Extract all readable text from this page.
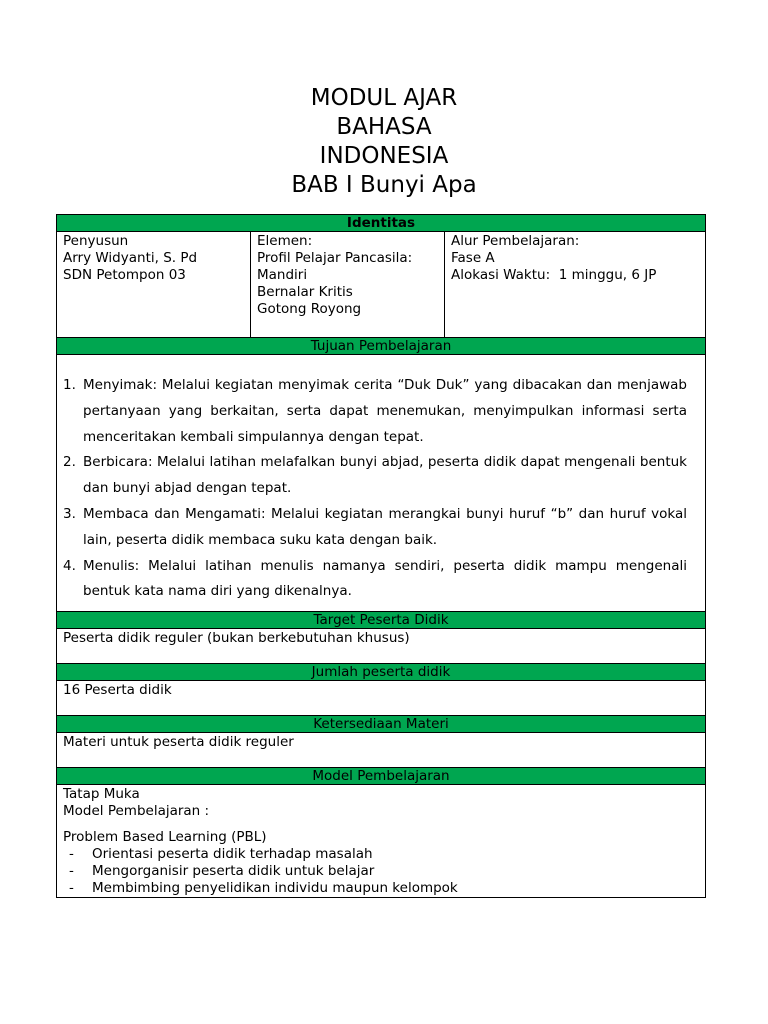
MODUL AJAR
BAHASA
INDONESIA
BAB I Bunyi Apa
Identitas

Penyusun
Arry Widyanti, S. Pd
SDN Petompon 03

Elemen:
Profil Pelajar Pancasila:
Mandiri
Bernalar Kritis
Gotong Royong

Alur Pembelajaran:
Fase A
Alokasi Waktu:  1 minggu, 6 JP

Tujuan Pembelajaran

1. Menyimak: Melalui kegiatan menyimak cerita “Duk Duk” yang dibacakan dan menjawab pertanyaan yang berkaitan, serta dapat menemukan, menyimpulkan informasi serta menceritakan kembali simpulannya dengan tepat.
2. Berbicara: Melalui latihan melafalkan bunyi abjad, peserta didik dapat mengenali bentuk dan bunyi abjad dengan tepat.
3. Membaca dan Mengamati: Melalui kegiatan merangkai bunyi huruf “b” dan huruf vokal lain, peserta didik membaca suku kata dengan baik.
4. Menulis: Melalui latihan menulis namanya sendiri, peserta didik mampu mengenali bentuk kata nama diri yang dikenalnya.

Target Peserta Didik
Peserta didik reguler (bukan berkebutuhan khusus)
Jumlah peserta didik
16 Peserta didik
Ketersediaan Materi
Materi untuk peserta didik reguler
Model Pembelajaran

Tatap Muka
Model Pembelajaran :
Problem Based Learning (PBL)
- Orientasi peserta didik terhadap masalah
- Mengorganisir peserta didik untuk belajar
- Membimbing penyelidikan individu maupun kelompok
